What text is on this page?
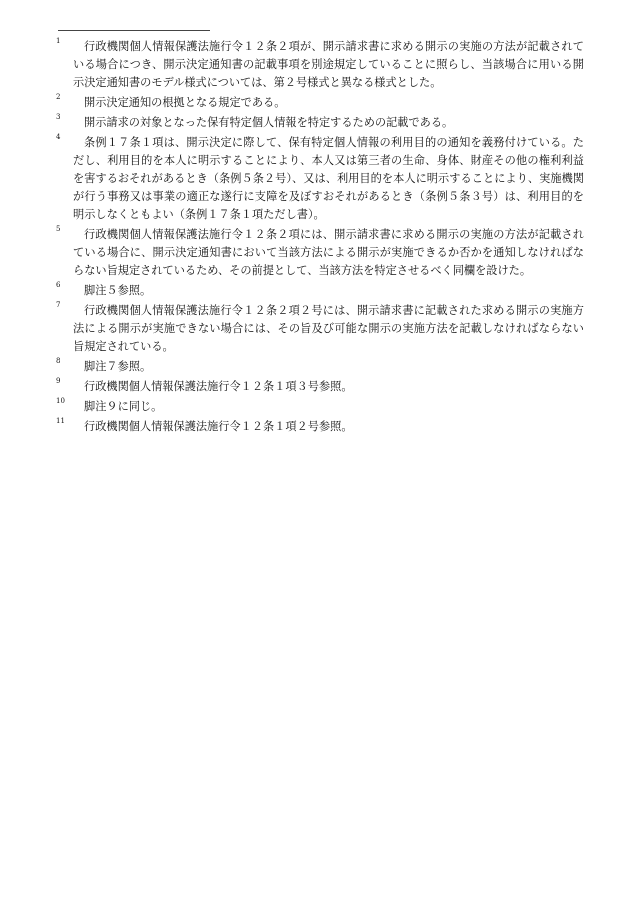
1	行政機関個人情報保護法施行令１２条２項が、開示請求書に求める開示の実施の方法が記載されている場合につき、開示決定通知書の記載事項を別途規定していることに照らし、当該場合に用いる開示決定通知書のモデル様式については、第２号様式と異なる様式とした。
2	開示決定通知の根拠となる規定である。
3	開示請求の対象となった保有特定個人情報を特定するための記載である。
4	条例１７条１項は、開示決定に際して、保有特定個人情報の利用目的の通知を義務付けている。ただし、利用目的を本人に明示することにより、本人又は第三者の生命、身体、財産その他の権利利益を害するおそれがあるとき（条例５条２号）、又は、利用目的を本人に明示することにより、実施機関が行う事務又は事業の適正な遂行に支障を及ぼすおそれがあるとき（条例５条３号）は、利用目的を明示しなくともよい（条例１７条１項ただし書）。
5	行政機関個人情報保護法施行令１２条２項には、開示請求書に求める開示の実施の方法が記載されている場合に、開示決定通知書において当該方法による開示が実施できるか否かを通知しなければならない旨規定されているため、その前提として、当該方法を特定させるべく同欄を設けた。
6	脚注５参照。
7	行政機関個人情報保護法施行令１２条２項２号には、開示請求書に記載された求める開示の実施方法による開示が実施できない場合には、その旨及び可能な開示の実施方法を記載しなければならない旨規定されている。
8	脚注７参照。
9	行政機関個人情報保護法施行令１２条１項３号参照。
10	脚注９に同じ。
11	行政機関個人情報保護法施行令１２条１項２号参照。
